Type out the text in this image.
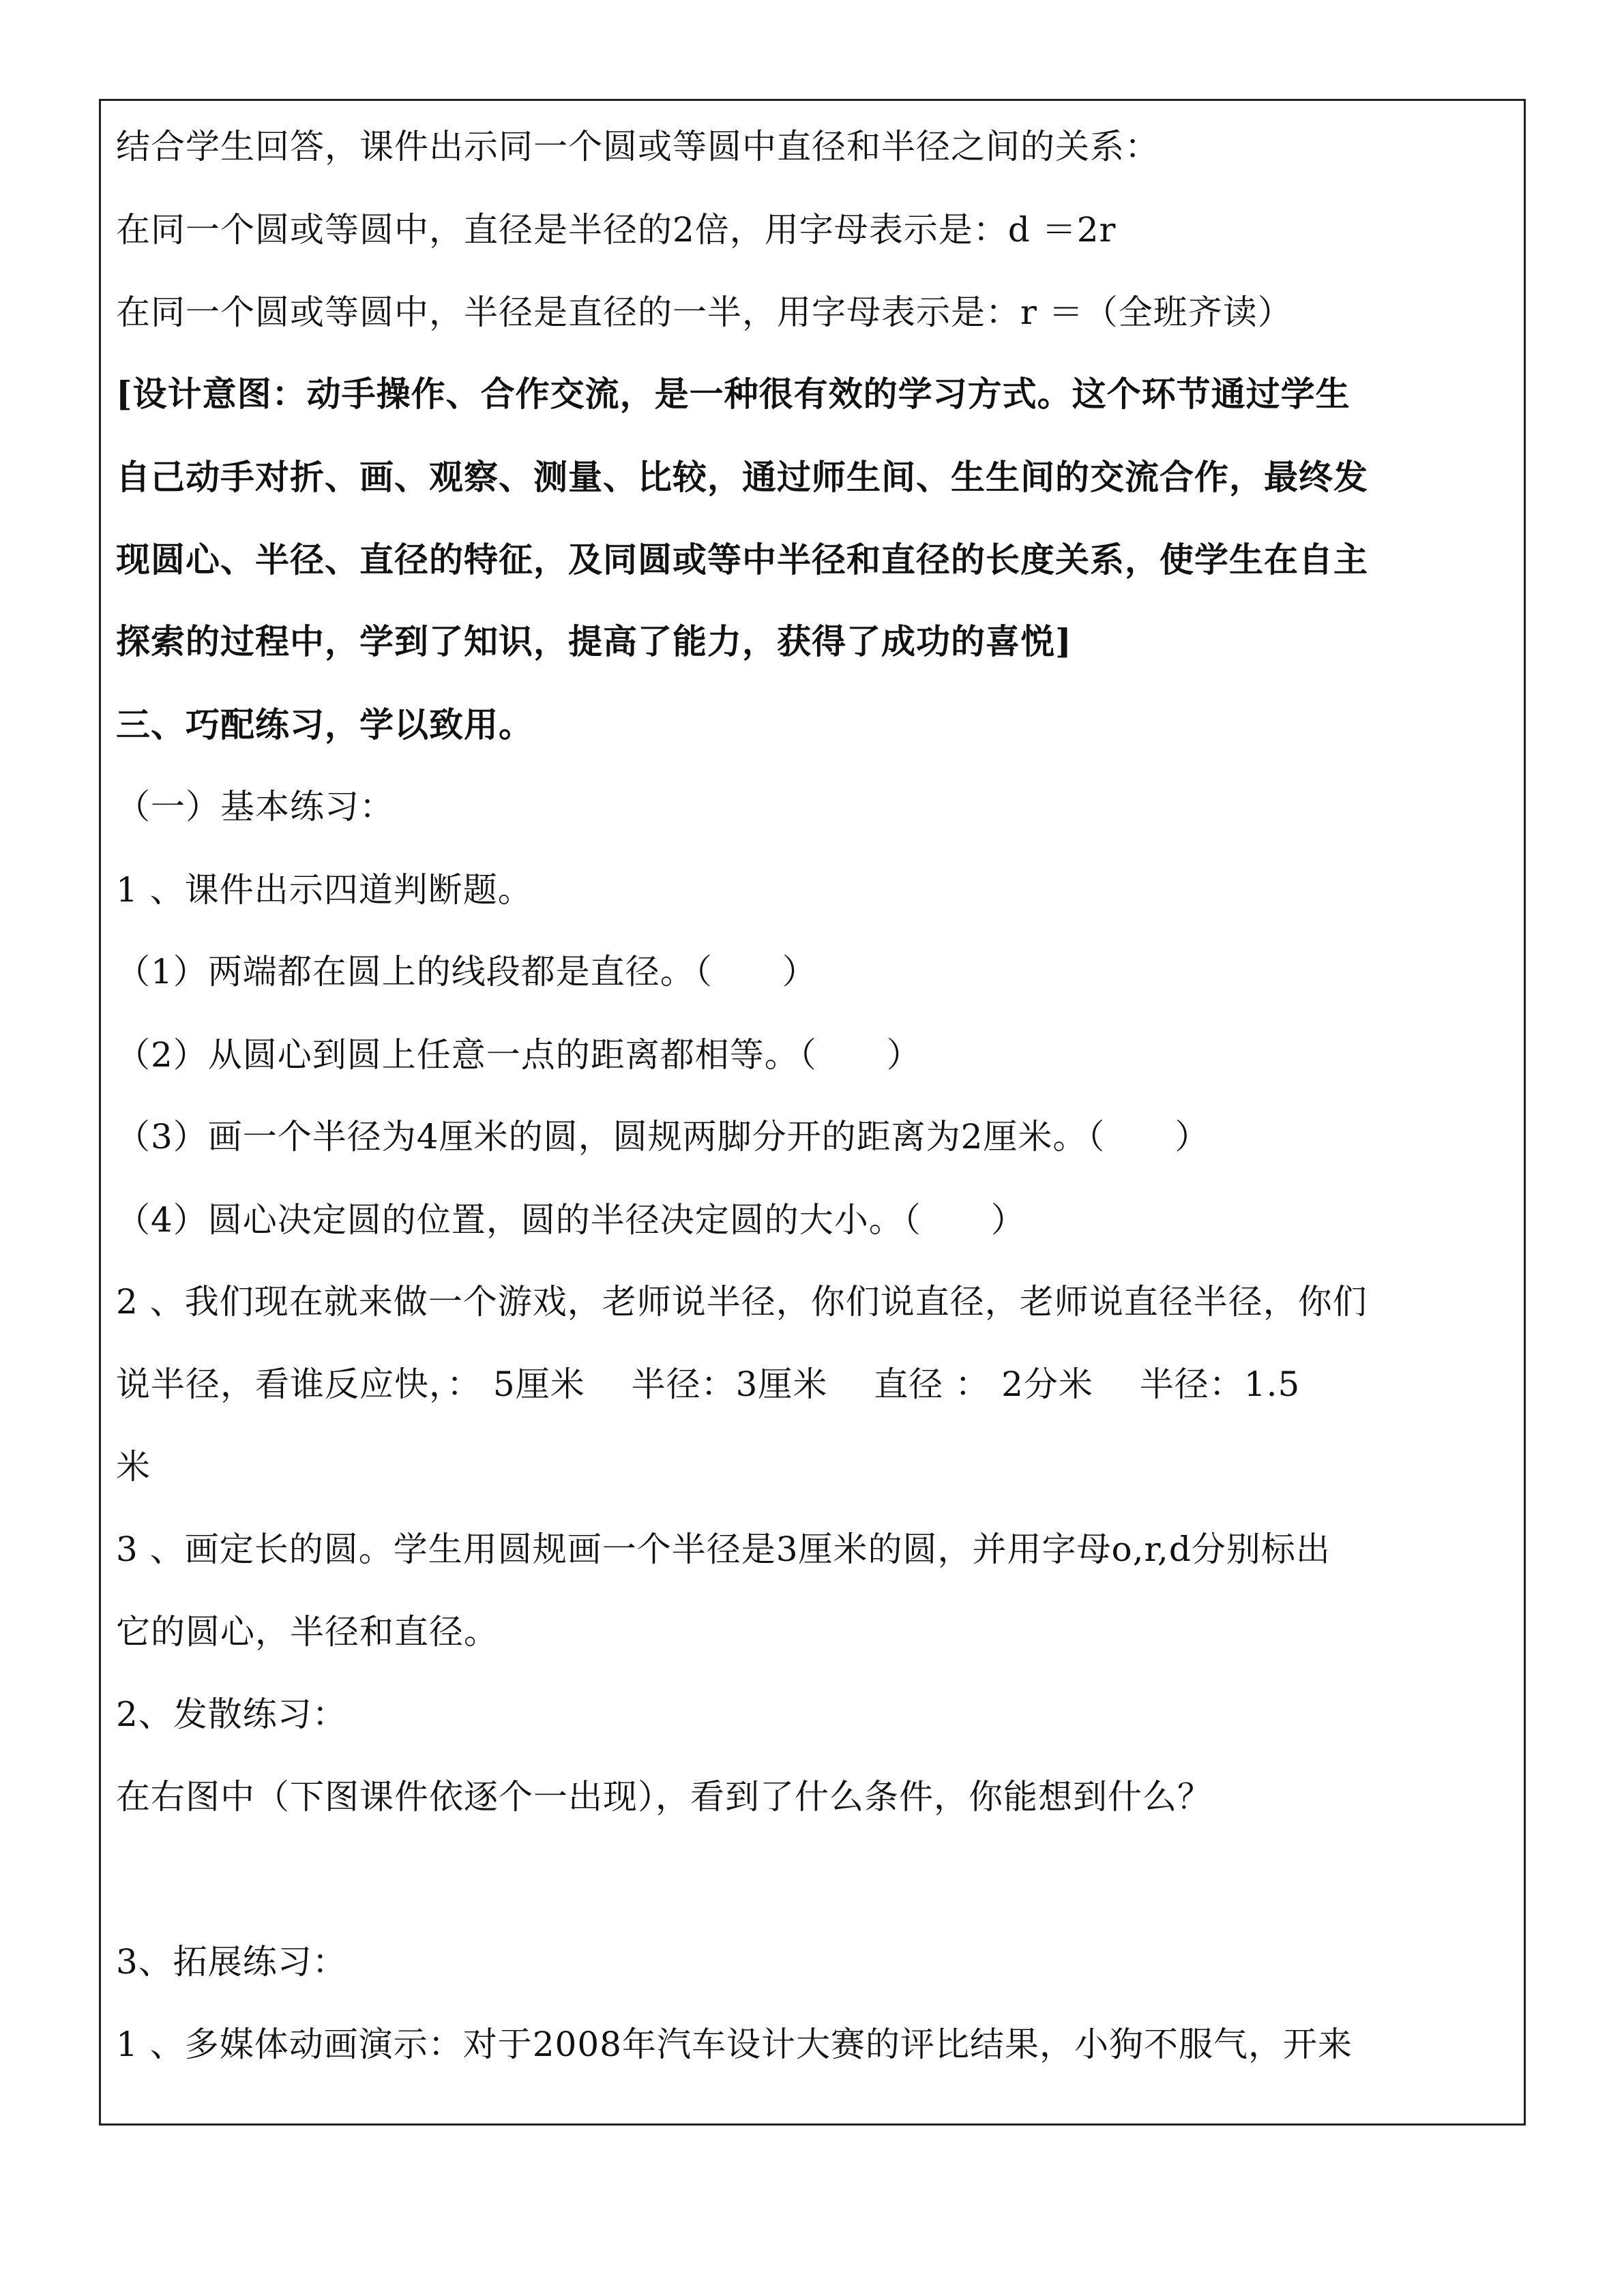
结合学生回答，课件出示同一个圆或等圆中直径和半径之间的关系：
在同一个圆或等圆中，直径是半径的2倍，用字母表示是：d ＝2r
在同一个圆或等圆中，半径是直径的一半，用字母表示是：r ＝（全班齐读）
[设计意图：动手操作、合作交流，是一种很有效的学习方式。这个环节通过学生
自己动手对折、画、观察、测量、比较，通过师生间、生生间的交流合作，最终发
现圆心、半径、直径的特征，及同圆或等中半径和直径的长度关系，使学生在自主
探索的过程中，学到了知识，提高了能力，获得了成功的喜悦]
三、巧配练习，学以致用。
（一）基本练习：
1 、课件出示四道判断题。
（1）两端都在圆上的线段都是直径。（　　）
（2）从圆心到圆上任意一点的距离都相等。（　　）
（3）画一个半径为4厘米的圆，圆规两脚分开的距离为2厘米。（　　）
（4）圆心决定圆的位置，圆的半径决定圆的大小。（　　）
2 、我们现在就来做一个游戏，老师说半径，你们说直径，老师说直径半径，你们
说半径，看谁反应快，： 5厘米　 半径：3厘米　 直径 ： 2分米　 半径：1.5
米
3 、画定长的圆。学生用圆规画一个半径是3厘米的圆，并用字母o,r,d分别标出
它的圆心，半径和直径。
2、发散练习：
在右图中（下图课件依逐个一出现），看到了什么条件，你能想到什么？
3、拓展练习：
1 、多媒体动画演示：对于2008年汽车设计大赛的评比结果，小狗不服气，开来
